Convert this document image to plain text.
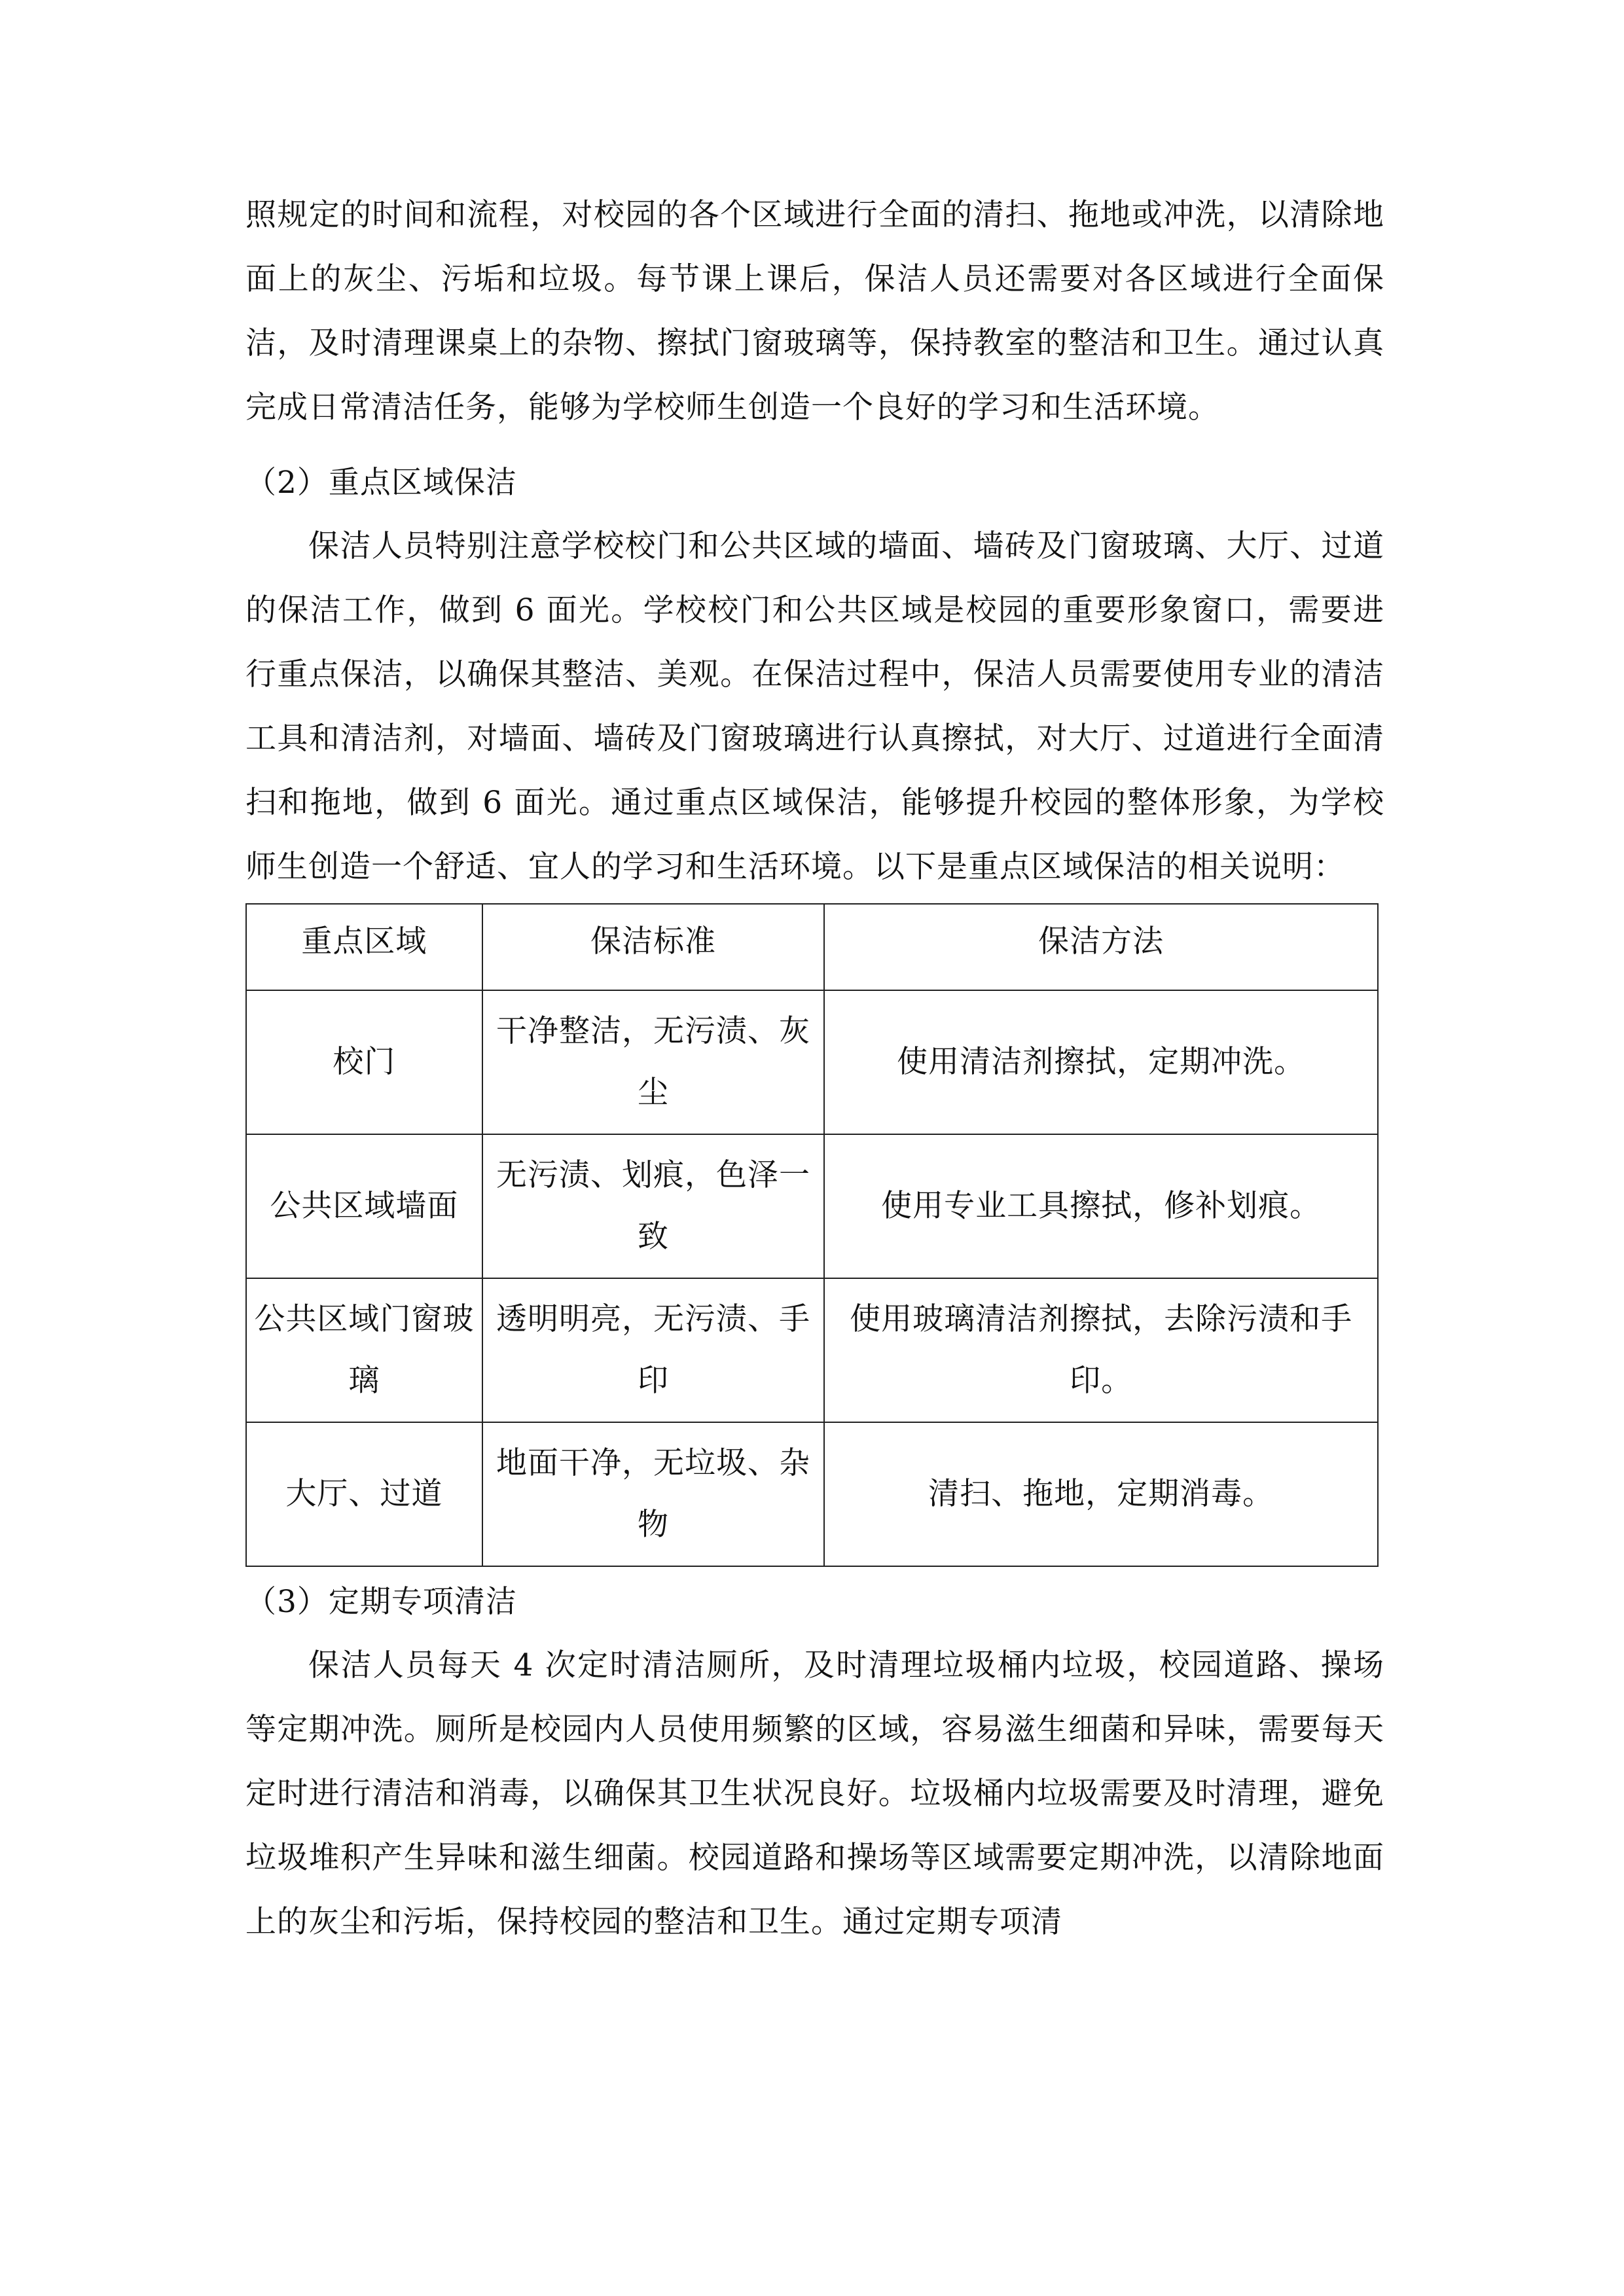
照规定的时间和流程，对校园的各个区域进行全面的清扫、拖地或冲洗，以清除地面上的灰尘、污垢和垃圾。每节课上课后，保洁人员还需要对各区域进行全面保洁，及时清理课桌上的杂物、擦拭门窗玻璃等，保持教室的整洁和卫生。通过认真完成日常清洁任务，能够为学校师生创造一个良好的学习和生活环境。

（2）重点区域保洁

保洁人员特别注意学校校门和公共区域的墙面、墙砖及门窗玻璃、大厅、过道的保洁工作，做到 6 面光。学校校门和公共区域是校园的重要形象窗口，需要进行重点保洁，以确保其整洁、美观。在保洁过程中，保洁人员需要使用专业的清洁工具和清洁剂，对墙面、墙砖及门窗玻璃进行认真擦拭，对大厅、过道进行全面清扫和拖地，做到 6 面光。通过重点区域保洁，能够提升校园的整体形象，为学校师生创造一个舒适、宜人的学习和生活环境。以下是重点区域保洁的相关说明：

重点区域	保洁标准	保洁方法
校门	干净整洁，无污渍、灰尘	使用清洁剂擦拭，定期冲洗。
公共区域墙面	无污渍、划痕，色泽一致	使用专业工具擦拭，修补划痕。
公共区域门窗玻璃	透明明亮，无污渍、手印	使用玻璃清洁剂擦拭，去除污渍和手印。
大厅、过道	地面干净，无垃圾、杂物	清扫、拖地，定期消毒。

（3）定期专项清洁

保洁人员每天 4 次定时清洁厕所，及时清理垃圾桶内垃圾，校园道路、操场等定期冲洗。厕所是校园内人员使用频繁的区域，容易滋生细菌和异味，需要每天定时进行清洁和消毒，以确保其卫生状况良好。垃圾桶内垃圾需要及时清理，避免垃圾堆积产生异味和滋生细菌。校园道路和操场等区域需要定期冲洗，以清除地面上的灰尘和污垢，保持校园的整洁和卫生。通过定期专项清
